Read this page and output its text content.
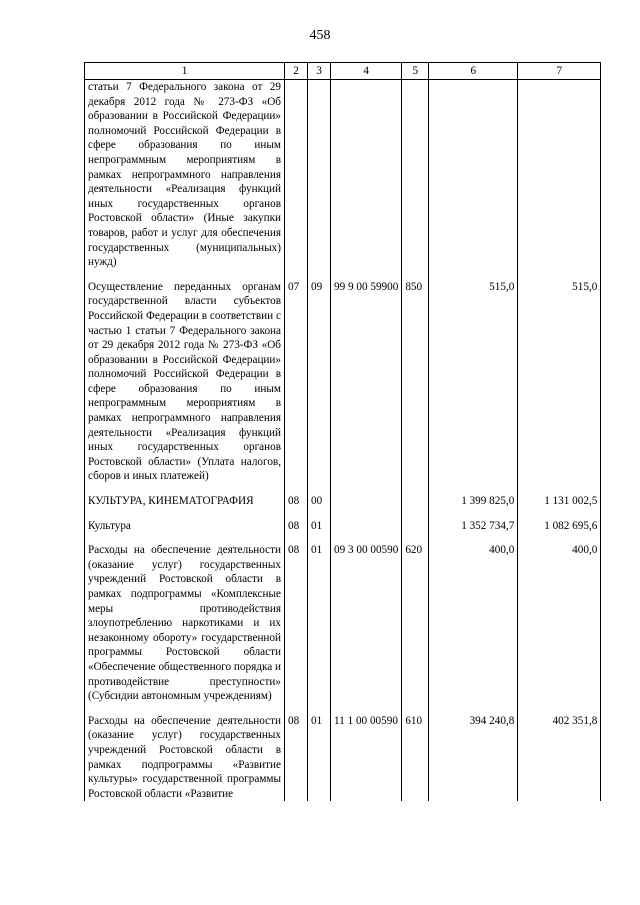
458
1	2	3	4	5	6	7
статьи 7 Федерального закона от 29 декабря 2012 года № 273-ФЗ «Об образовании в Российской Федерации» полномочий Российской Федерации в сфере образования по иным непрограммным мероприятиям в рамках непрограммного направления деятельности «Реализация функций иных государственных органов Ростовской области» (Иные закупки товаров, работ и услуг для обеспечения государственных (муниципальных) нужд)						
Осуществление переданных органам государственной власти субъектов Российской Федерации в соответствии с частью 1 статьи 7 Федерального закона от 29 декабря 2012 года № 273-ФЗ «Об образовании в Российской Федерации» полномочий Российской Федерации в сфере образования по иным непрограммным мероприятиям в рамках непрограммного направления деятельности «Реализация функций иных государственных органов Ростовской области» (Уплата налогов, сборов и иных платежей)	07	09	99 9 00 59900	850	515,0	515,0
КУЛЬТУРА, КИНЕМАТОГРАФИЯ	08	00			1 399 825,0	1 131 002,5
Культура	08	01			1 352 734,7	1 082 695,6
Расходы на обеспечение деятельности (оказание услуг) государственных учреждений Ростовской области в рамках подпрограммы «Комплексные меры противодействия злоупотреблению наркотиками и их незаконному обороту» государственной программы Ростовской области «Обеспечение общественного порядка и противодействие преступности» (Субсидии автономным учреждениям)	08	01	09 3 00 00590	620	400,0	400,0
Расходы на обеспечение деятельности (оказание услуг) государственных учреждений Ростовской области в рамках подпрограммы «Развитие культуры» государственной программы Ростовской области «Развитие	08	01	11 1 00 00590	610	394 240,8	402 351,8
